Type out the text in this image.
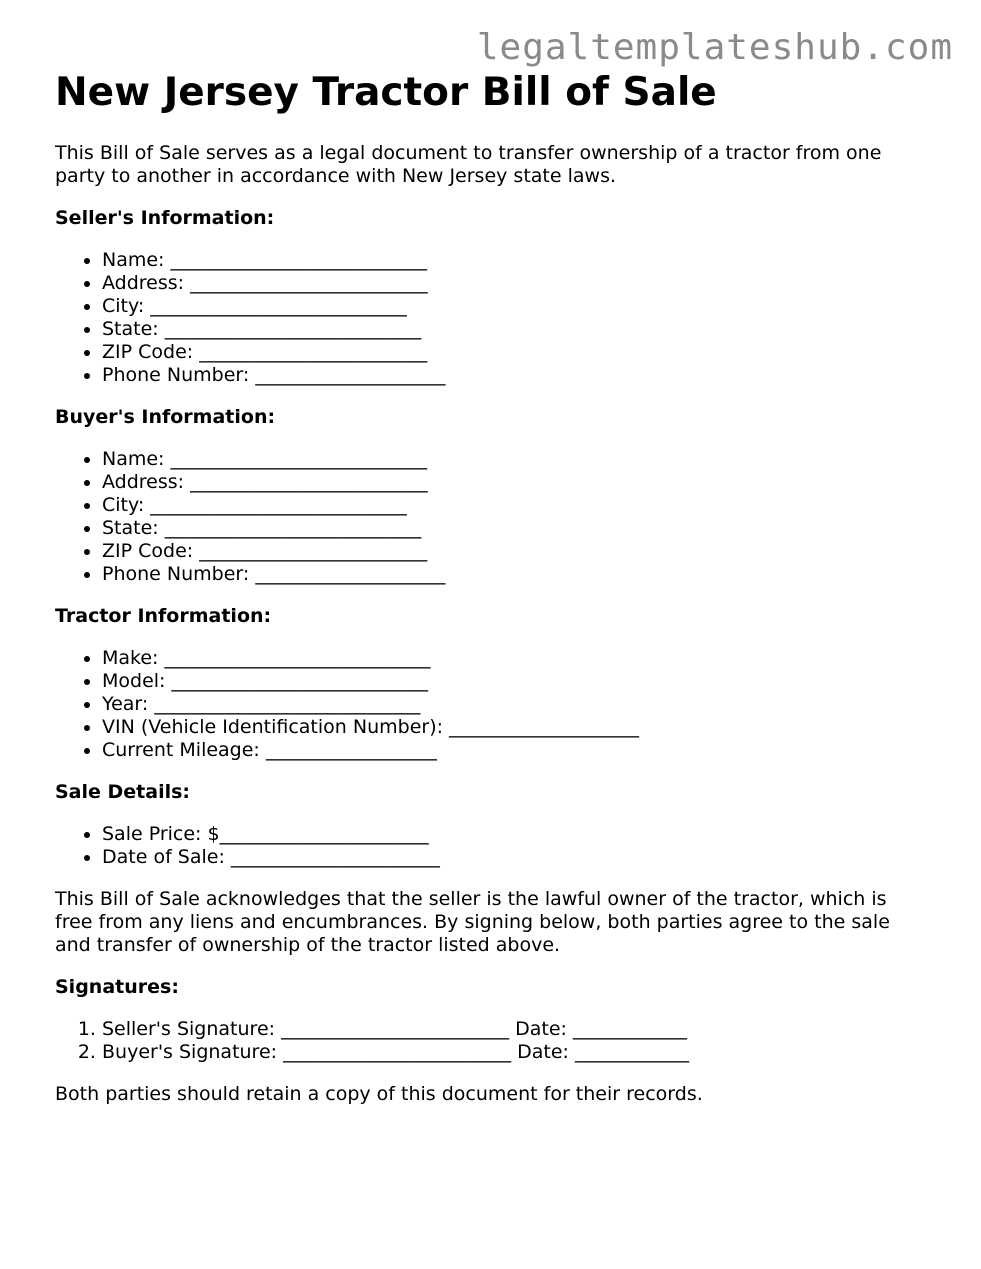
legaltemplateshub.com
New Jersey Tractor Bill of Sale

This Bill of Sale serves as a legal document to transfer ownership of a tractor from one party to another in accordance with New Jersey state laws.

Seller's Information:
• Name: ___________________________
• Address: _________________________
• City: ___________________________
• State: ___________________________
• ZIP Code: ________________________
• Phone Number: ____________________
Buyer's Information:
• Name: ___________________________
• Address: _________________________
• City: ___________________________
• State: ___________________________
• ZIP Code: ________________________
• Phone Number: ____________________
Tractor Information:
• Make: ____________________________
• Model: ___________________________
• Year: ____________________________
• VIN (Vehicle Identification Number): ____________________
• Current Mileage: __________________
Sale Details:
• Sale Price: $______________________
• Date of Sale: ______________________

This Bill of Sale acknowledges that the seller is the lawful owner of the tractor, which is free from any liens and encumbrances. By signing below, both parties agree to the sale and transfer of ownership of the tractor listed above.

Signatures:
1. Seller's Signature: ________________________ Date: ____________
2. Buyer's Signature: ________________________ Date: ____________

Both parties should retain a copy of this document for their records.
